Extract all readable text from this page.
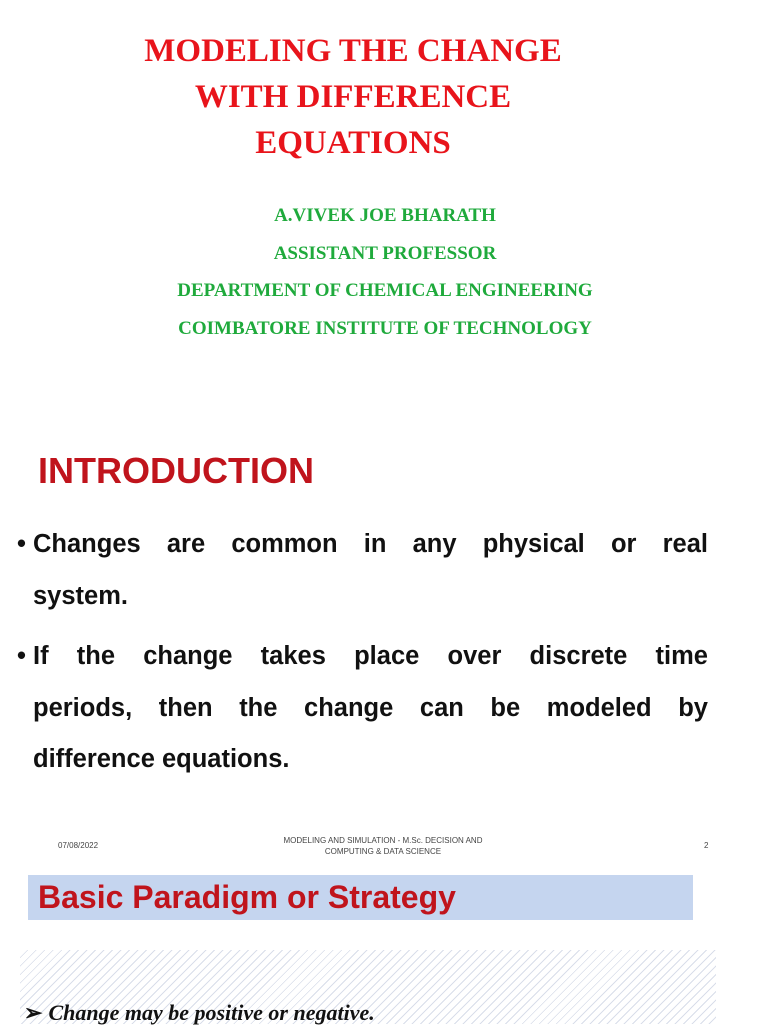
MODELING THE CHANGE
WITH DIFFERENCE
EQUATIONS
A.VIVEK JOE BHARATH
ASSISTANT PROFESSOR
DEPARTMENT OF CHEMICAL ENGINEERING
COIMBATORE INSTITUTE OF TECHNOLOGY
INTRODUCTION
• Changes are common in any physical or real
system.
• If the change takes place over discrete time
periods, then the change can be modeled by
difference equations.
07/08/2022
MODELING AND SIMULATION - M.Sc. DECISION AND
COMPUTING & DATA SCIENCE
2
Basic Paradigm or Strategy
➢ Change may be positive or negative.
